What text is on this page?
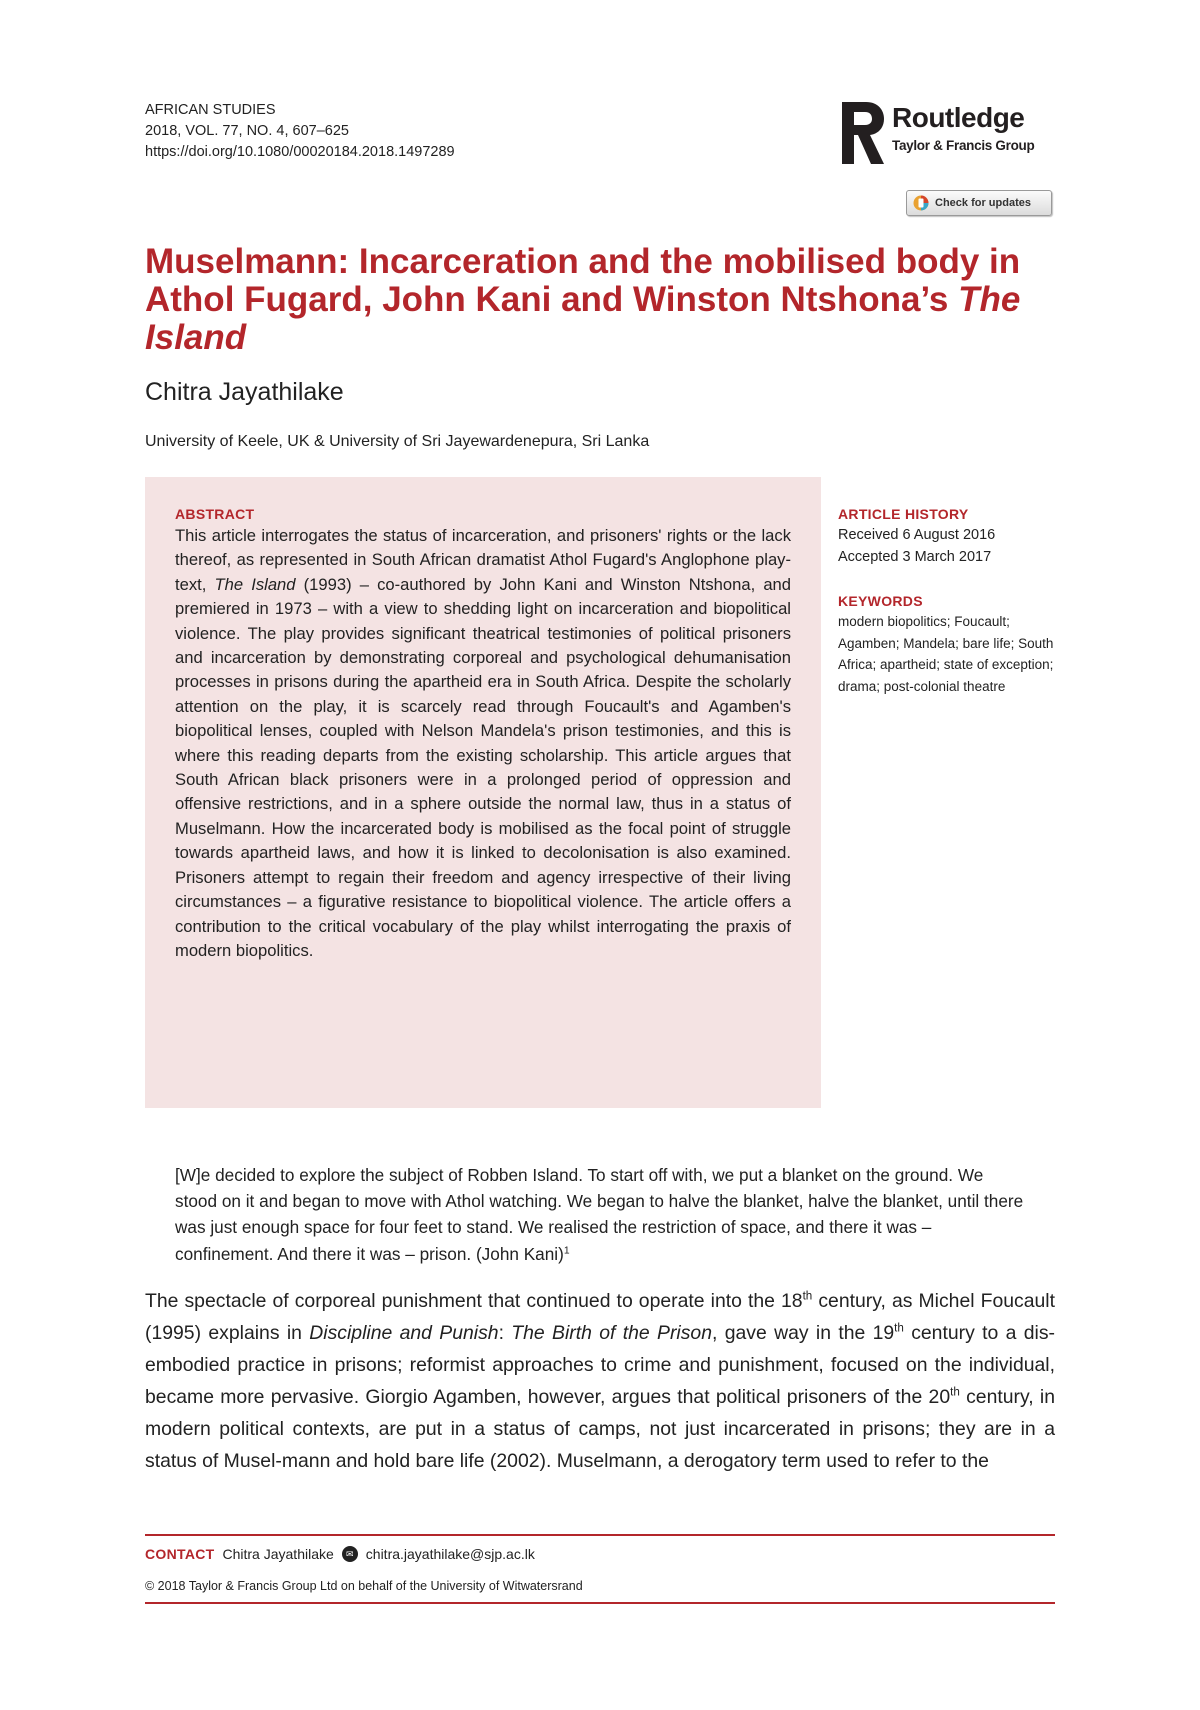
AFRICAN STUDIES
2018, VOL. 77, NO. 4, 607–625
https://doi.org/10.1080/00020184.2018.1497289
Routledge
Taylor & Francis Group
Check for updates
Muselmann: Incarceration and the mobilised body in Athol Fugard, John Kani and Winston Ntshona’s The Island
Chitra Jayathilake
University of Keele, UK & University of Sri Jayewardenepura, Sri Lanka
ABSTRACT

This article interrogates the status of incarceration, and prisoners' rights or the lack thereof, as represented in South African dramatist Athol Fugard's Anglophone play-text, The Island (1993) – co-authored by John Kani and Winston Ntshona, and premiered in 1973 – with a view to shedding light on incarceration and biopolitical violence. The play provides significant theatrical testimonies of political prisoners and incarceration by demonstrating corporeal and psychological dehumanisation processes in prisons during the apartheid era in South Africa. Despite the scholarly attention on the play, it is scarcely read through Foucault's and Agamben's biopolitical lenses, coupled with Nelson Mandela's prison testimonies, and this is where this reading departs from the existing scholarship. This article argues that South African black prisoners were in a prolonged period of oppression and offensive restrictions, and in a sphere outside the normal law, thus in a status of Muselmann. How the incarcerated body is mobilised as the focal point of struggle towards apartheid laws, and how it is linked to decolonisation is also examined. Prisoners attempt to regain their freedom and agency irrespective of their living circumstances – a figurative resistance to biopolitical violence. The article offers a contribution to the critical vocabulary of the play whilst interrogating the praxis of modern biopolitics.

ARTICLE HISTORY
Received 6 August 2016
Accepted 3 March 2017
KEYWORDS
modern biopolitics; Foucault; Agamben; Mandela; bare life; South Africa; apartheid; state of exception; drama; post-colonial theatre

[W]e decided to explore the subject of Robben Island. To start off with, we put a blanket on the ground. We stood on it and began to move with Athol watching. We began to halve the blanket, halve the blanket, until there was just enough space for four feet to stand. We realised the restriction of space, and there it was – confinement. And there it was – prison. (John Kani)$^1$

The spectacle of corporeal punishment that continued to operate into the 18th century, as Michel Foucault (1995) explains in Discipline and Punish: The Birth of the Prison, gave way in the 19th century to a dis-embodied practice in prisons; reformist approaches to crime and punishment, focused on the individual, became more pervasive. Giorgio Agamben, however, argues that political prisoners of the 20th century, in modern political contexts, are put in a status of camps, not just incarcerated in prisons; they are in a status of Musel-mann and hold bare life (2002). Muselmann, a derogatory term used to refer to the

CONTACT Chitra Jayathilake	✉ chitra.jayathilake@sjp.ac.lk
© 2018 Taylor & Francis Group Ltd on behalf of the University of Witwatersrand
